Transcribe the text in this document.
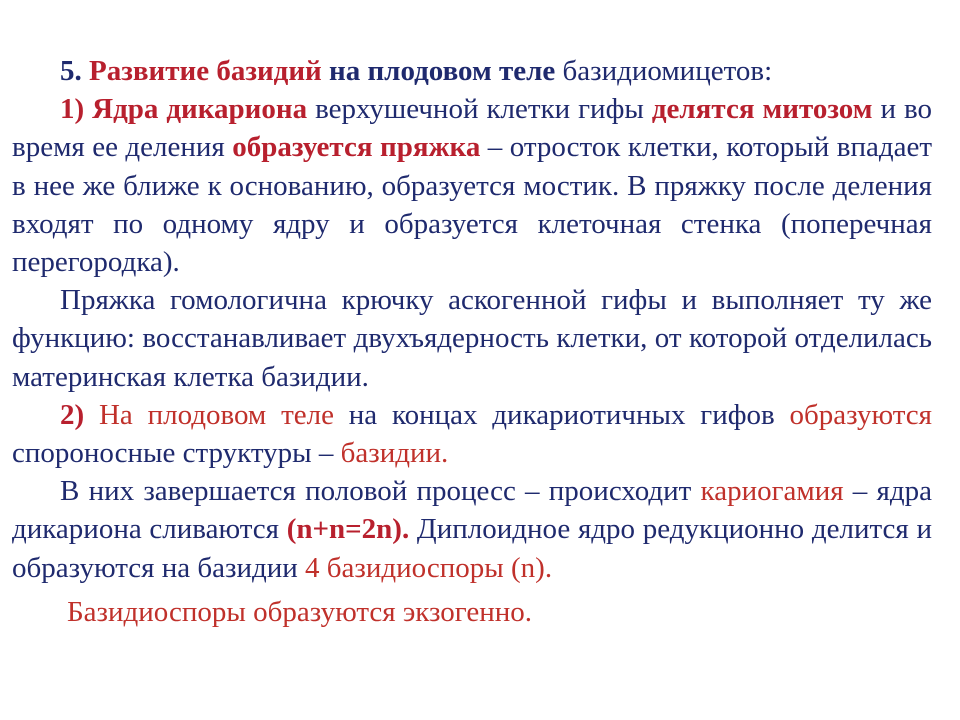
5. Развитие базидий на плодовом теле базидиомицетов:

1) Ядра дикариона верхушечной клетки гифы делятся митозом и во время ее деления образуется пряжка – отросток клетки, который впадает в нее же ближе к основанию, образуется мостик. В пряжку после деления входят по одному ядру и образуется клеточная стенка (поперечная перегородка).

Пряжка гомологична крючку аскогенной гифы и выполняет ту же функцию: восстанавливает двухъядерность клетки, от которой отделилась материнская клетка базидии.

2) На плодовом теле на концах дикариотичных гифов образуются спороносные структуры – базидии.

В них завершается половой процесс – происходит кариогамия – ядра дикариона сливаются (n+n=2n). Диплоидное ядро редукционно делится и образуются на базидии 4 базидиоспоры (n).

Базидиоспоры образуются экзогенно.
